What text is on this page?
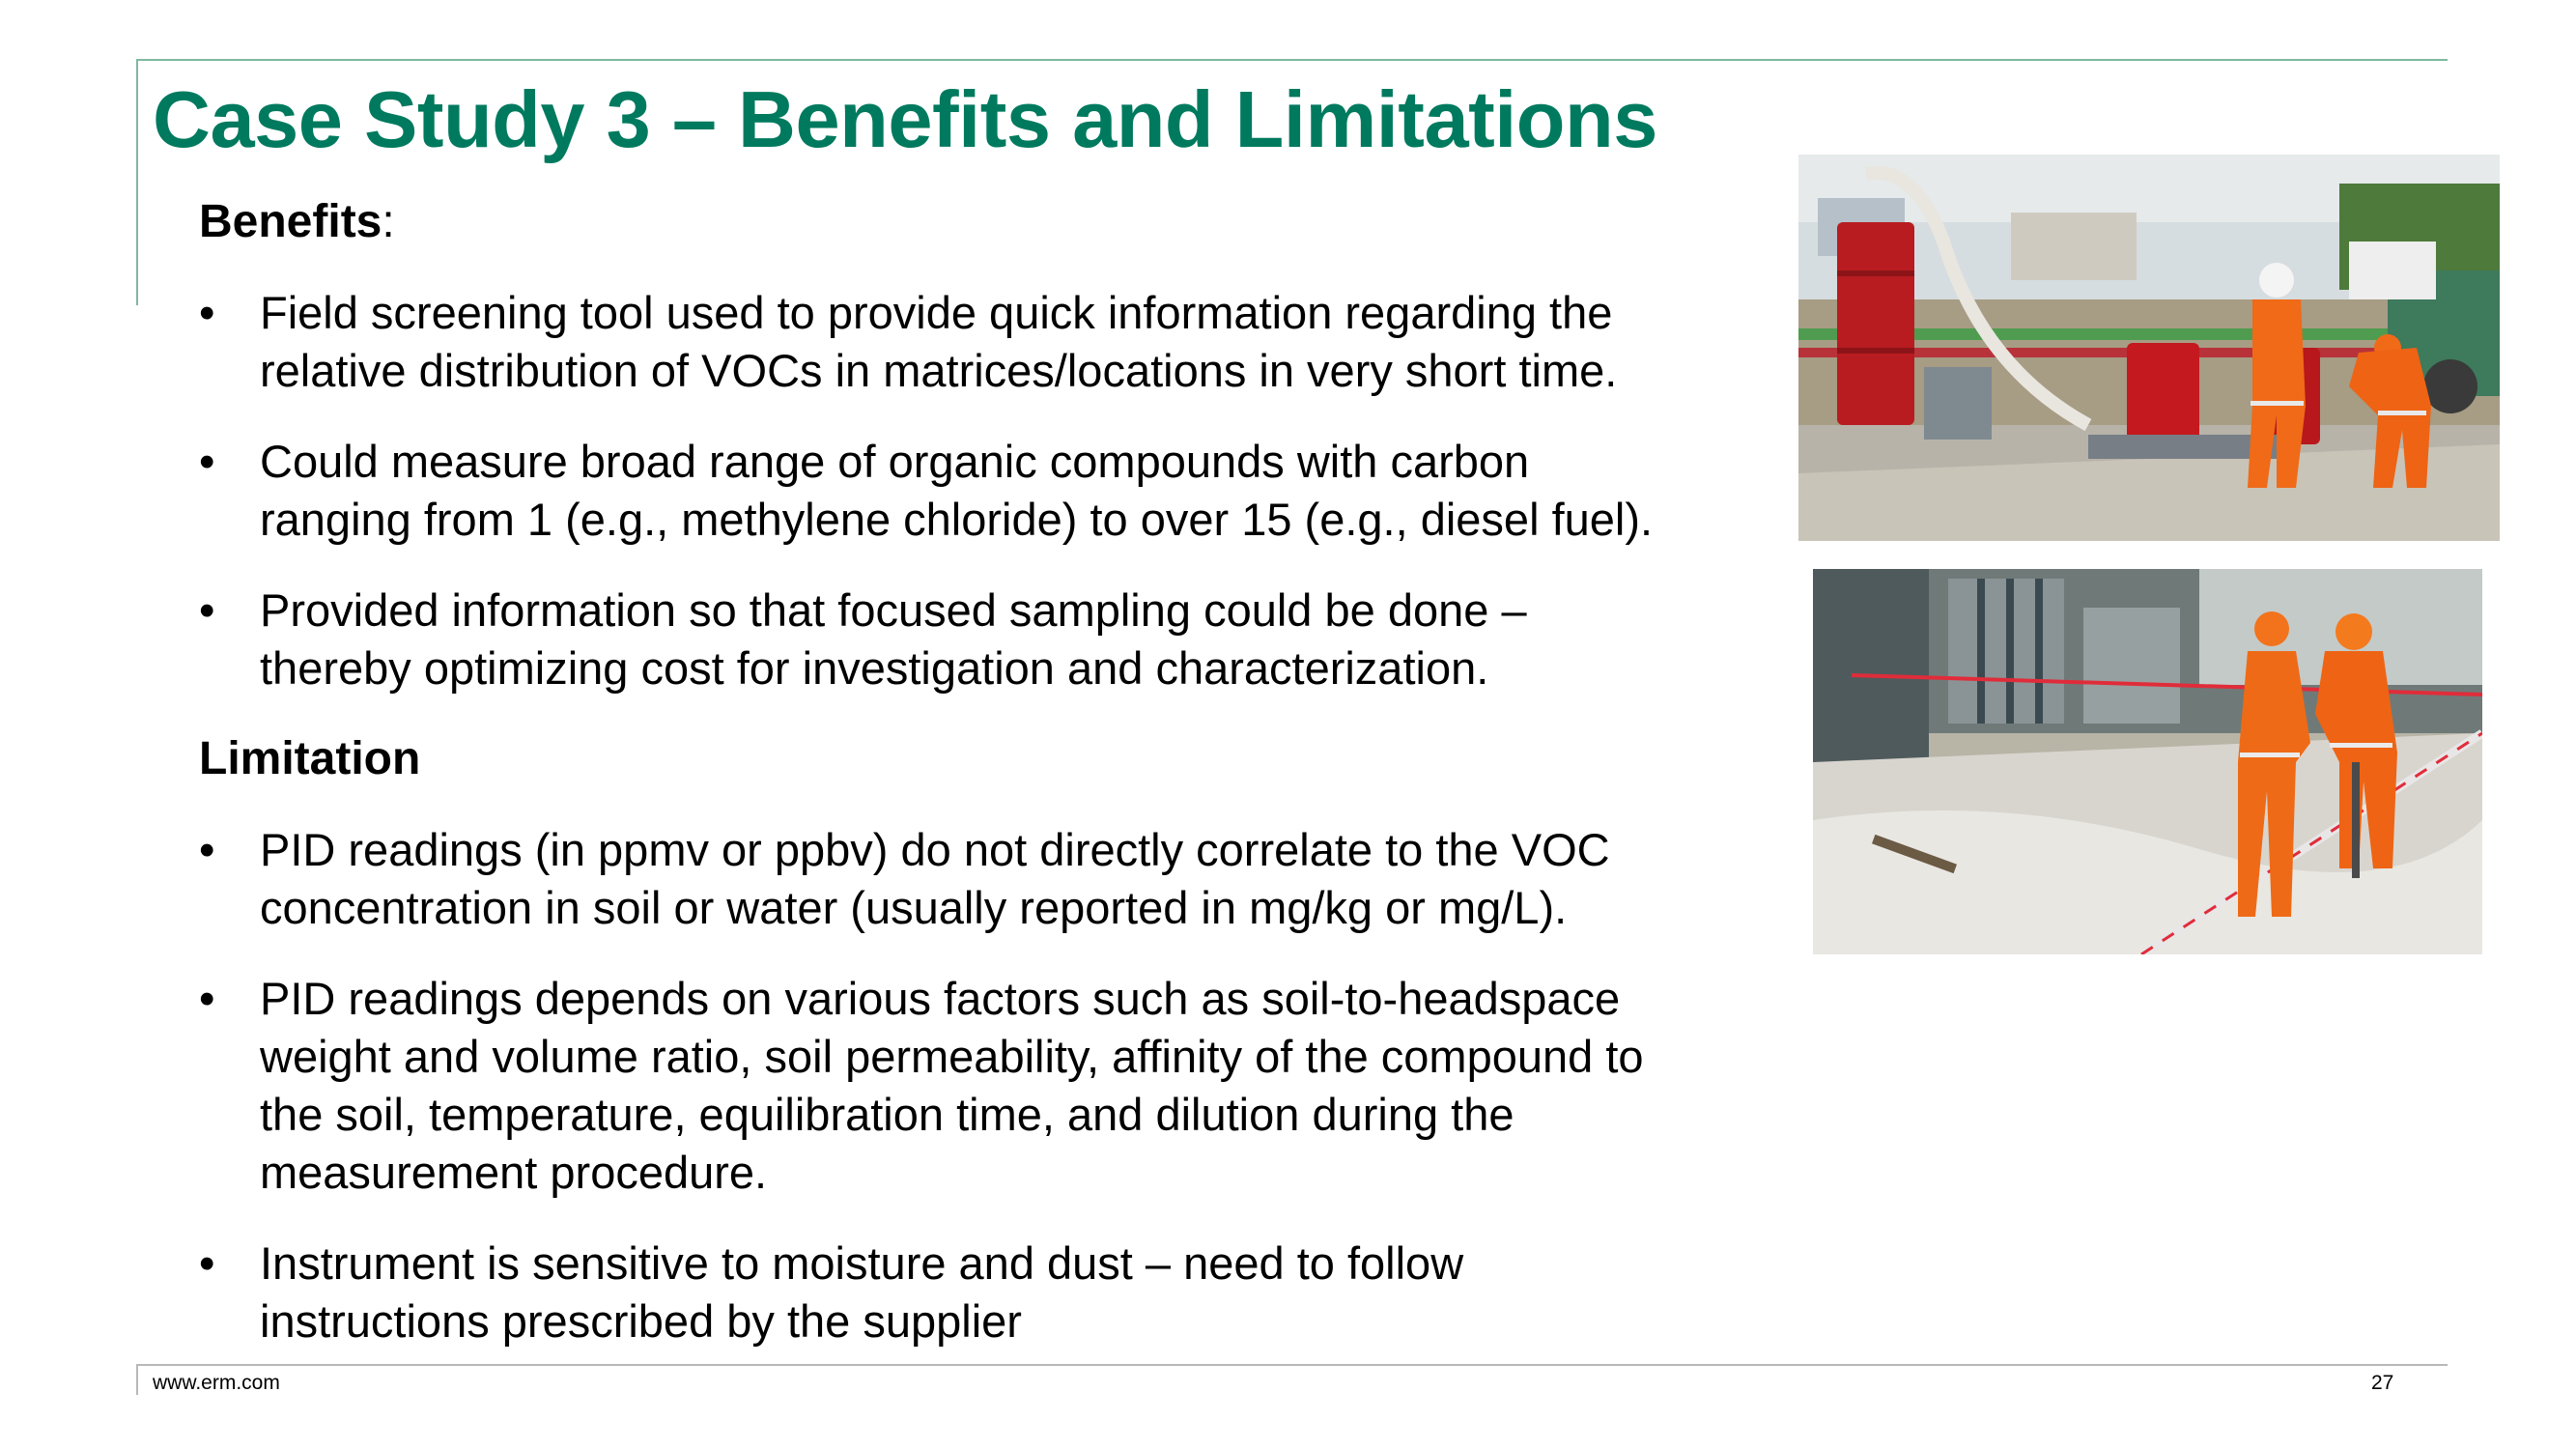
Case Study 3 – Benefits and Limitations

Benefits:

• Field screening tool used to provide quick information regarding the
relative distribution of VOCs in matrices/locations in very short time.
• Could measure broad range of organic compounds with carbon
ranging from 1 (e.g., methylene chloride) to over 15 (e.g., diesel fuel).
• Provided information so that focused sampling could be done –
thereby optimizing cost for investigation and characterization.

Limitation

• PID readings (in ppmv or ppbv) do not directly correlate to the VOC
concentration in soil or water (usually reported in mg/kg or mg/L).
• PID readings depends on various factors such as soil-to-headspace
weight and volume ratio, soil permeability, affinity of the compound to
the soil, temperature, equilibration time, and dilution during the
measurement procedure.
• Instrument is sensitive to moisture and dust – need to follow
instructions prescribed by the supplier
www.erm.com	27
